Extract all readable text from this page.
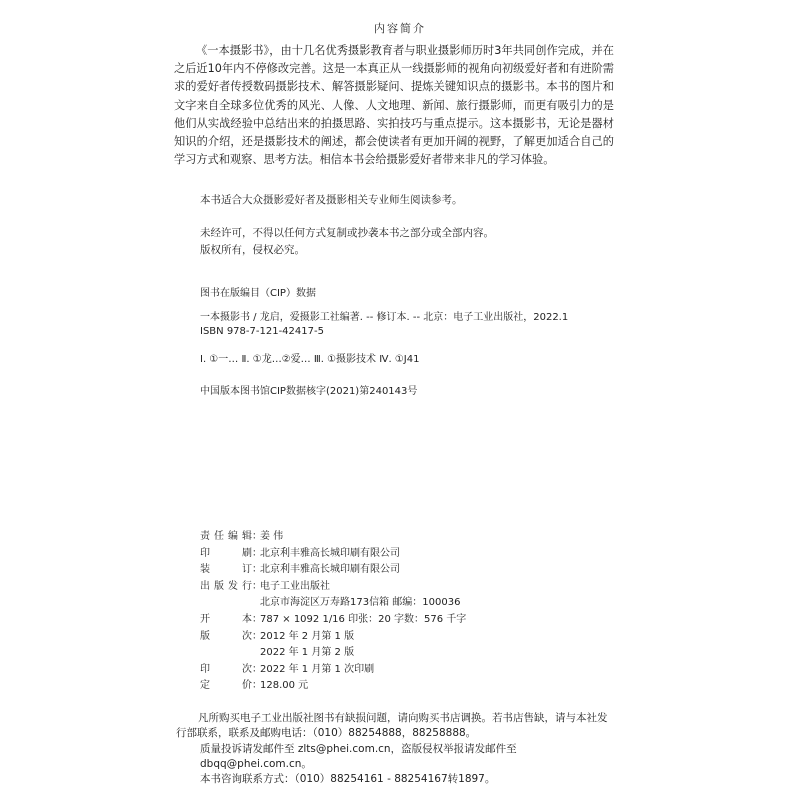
内容简介

《一本摄影书》，由十几名优秀摄影教育者与职业摄影师历时3年共同创作完成，并在之后近10年内不停修改完善。这是一本真正从一线摄影师的视角向初级爱好者和有进阶需求的爱好者传授数码摄影技术、解答摄影疑问、提炼关键知识点的摄影书。本书的图片和文字来自全球多位优秀的风光、人像、人文地理、新闻、旅行摄影师，而更有吸引力的是他们从实战经验中总结出来的拍摄思路、实拍技巧与重点提示。这本摄影书，无论是器材知识的介绍，还是摄影技术的阐述，都会使读者有更加开阔的视野，了解更加适合自己的学习方式和观察、思考方法。相信本书会给摄影爱好者带来非凡的学习体验。

本书适合大众摄影爱好者及摄影相关专业师生阅读参考。

未经许可，不得以任何方式复制或抄袭本书之部分或全部内容。

版权所有，侵权必究。

图书在版编目（CIP）数据

一本摄影书 / 龙启，爱摄影工社编著. -- 修订本. -- 北京：电子工业出版社，2022.1

ISBN 978-7-121-42417-5

Ⅰ. ①一… Ⅱ. ①龙…②爱… Ⅲ. ①摄影技术 Ⅳ. ①J41

中国版本图书馆CIP数据核字(2021)第240143号

责任编辑 ：
姜 伟
印刷 ：
北京利丰雅高长城印刷有限公司
装订 ：
北京利丰雅高长城印刷有限公司
出版发行 ：
电子工业出版社
北京市海淀区万寿路173信箱 邮编：100036
开本 ：
787 × 1092 1/16 印张：20 字数：576 千字
版次 ：
2012 年 2 月第 1 版
2022 年 1 月第 2 版
印次 ：
2022 年 1 月第 1 次印刷
定价 ：
128.00 元
凡所购买电子工业出版社图书有缺损问题，请向购买书店调换。若书店售缺，请与本社发行部联系，联系及邮购电话：（010）88254888，88258888。
质量投诉请发邮件至 zlts@phei.com.cn，盗版侵权举报请发邮件至dbqq@phei.com.cn。
本书咨询联系方式：（010）88254161 - 88254167转1897。
